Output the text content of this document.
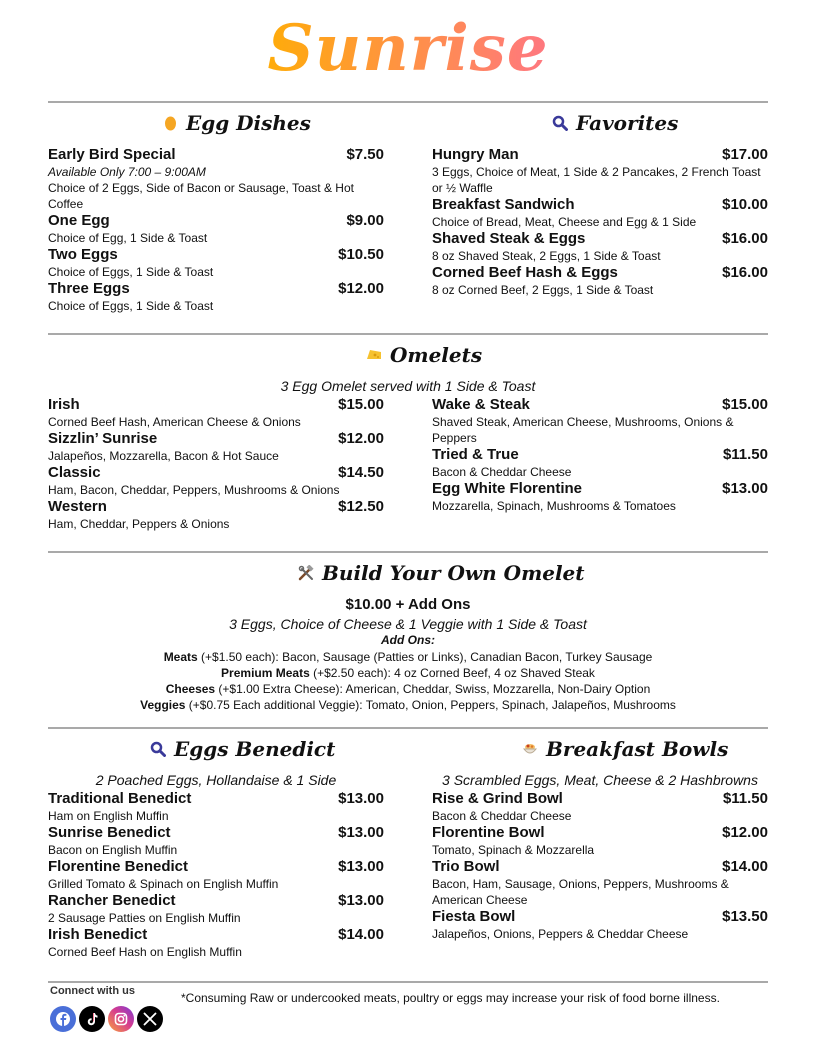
Sunrise
Egg Dishes
Early Bird Special	$7.50
Available Only 7:00 – 9:00AM
Choice of 2 Eggs, Side of Bacon or Sausage, Toast & Hot Coffee
One Egg	$9.00
Choice of Egg, 1 Side & Toast
Two Eggs	$10.50
Choice of Eggs, 1 Side & Toast
Three Eggs	$12.00
Choice of Eggs, 1 Side & Toast
Favorites
Hungry Man	$17.00
3 Eggs, Choice of Meat, 1 Side & 2 Pancakes, 2 French Toast or ½ Waffle
Breakfast Sandwich	$10.00
Choice of Bread, Meat, Cheese and Egg & 1 Side
Shaved Steak & Eggs	$16.00
8 oz Shaved Steak, 2 Eggs, 1 Side & Toast
Corned Beef Hash & Eggs	$16.00
8 oz Corned Beef, 2 Eggs, 1 Side & Toast
Omelets
3 Egg Omelet served with 1 Side & Toast
Irish	$15.00
Corned Beef Hash, American Cheese & Onions
Sizzlin’ Sunrise	$12.00
Jalapeños, Mozzarella, Bacon & Hot Sauce
Classic	$14.50
Ham, Bacon, Cheddar, Peppers, Mushrooms & Onions
Western	$12.50
Ham, Cheddar, Peppers & Onions
Wake & Steak	$15.00
Shaved Steak, American Cheese, Mushrooms, Onions & Peppers
Tried & True	$11.50
Bacon & Cheddar Cheese
Egg White Florentine	$13.00
Mozzarella, Spinach, Mushrooms & Tomatoes
Build Your Own Omelet
$10.00 + Add Ons
3 Eggs, Choice of Cheese & 1 Veggie with 1 Side & Toast
Add Ons:
Meats (+$1.50 each): Bacon, Sausage (Patties or Links), Canadian Bacon, Turkey Sausage
Premium Meats (+$2.50 each): 4 oz Corned Beef, 4 oz Shaved Steak
Cheeses (+$1.00 Extra Cheese): American, Cheddar, Swiss, Mozzarella, Non-Dairy Option
Veggies (+$0.75 Each additional Veggie): Tomato, Onion, Peppers, Spinach, Jalapeños, Mushrooms
Eggs Benedict
2 Poached Eggs, Hollandaise & 1 Side
Traditional Benedict	$13.00
Ham on English Muffin
Sunrise Benedict	$13.00
Bacon on English Muffin
Florentine Benedict	$13.00
Grilled Tomato & Spinach on English Muffin
Rancher Benedict	$13.00
2 Sausage Patties on English Muffin
Irish Benedict	$14.00
Corned Beef Hash on English Muffin
Breakfast Bowls
3 Scrambled Eggs, Meat, Cheese & 2 Hashbrowns
Rise & Grind Bowl	$11.50
Bacon & Cheddar Cheese
Florentine Bowl	$12.00
Tomato, Spinach & Mozzarella
Trio Bowl	$14.00
Bacon, Ham, Sausage, Onions, Peppers, Mushrooms & American Cheese
Fiesta Bowl	$13.50
Jalapeños, Onions, Peppers & Cheddar Cheese
Connect with us	*Consuming Raw or undercooked meats, poultry or eggs may increase your risk of food borne illness.
